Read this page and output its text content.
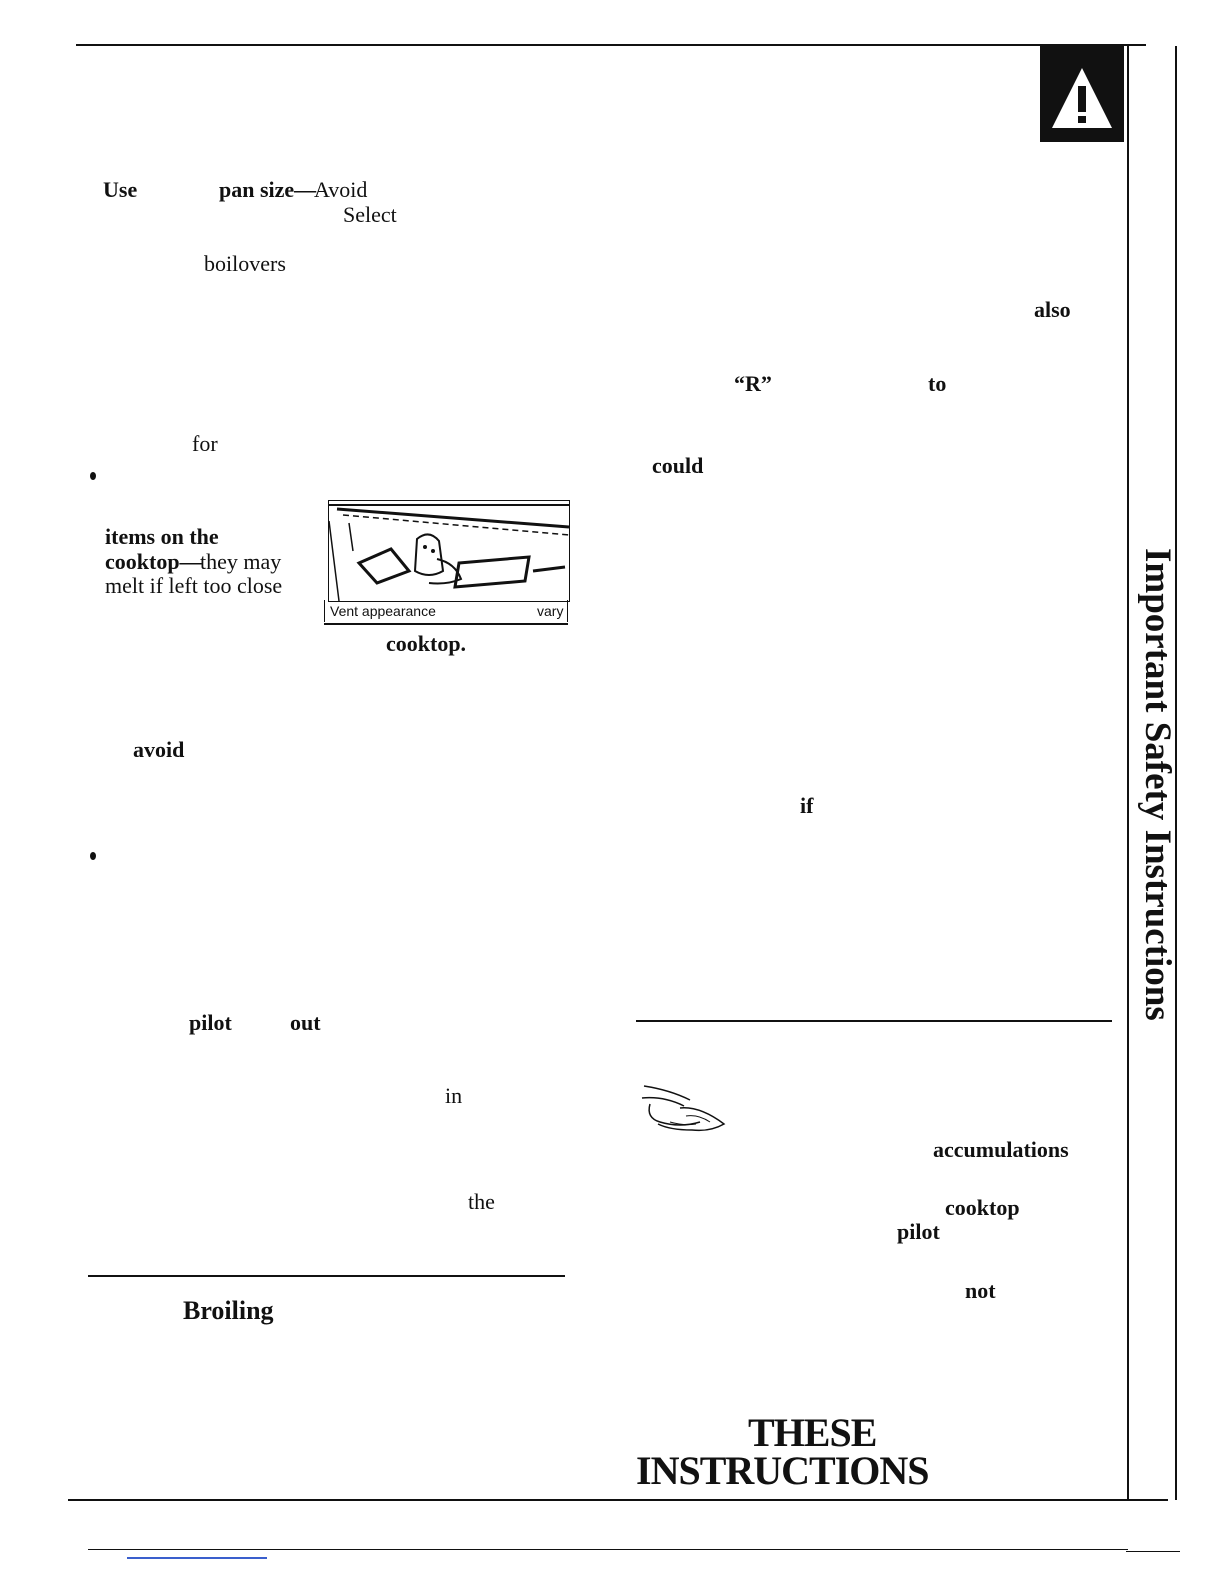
Important Safety Instructions
Use	pan size—
Avoid
Select
boilovers
for
items on the
cooktop—
they may
melt if left too close
Vent appearance	vary
cooktop.
avoid
pilot	out
in
the
Broiling
also
“R”	to
could
if
accumulations
cooktop
pilot
not
THESE
INSTRUCTIONS
